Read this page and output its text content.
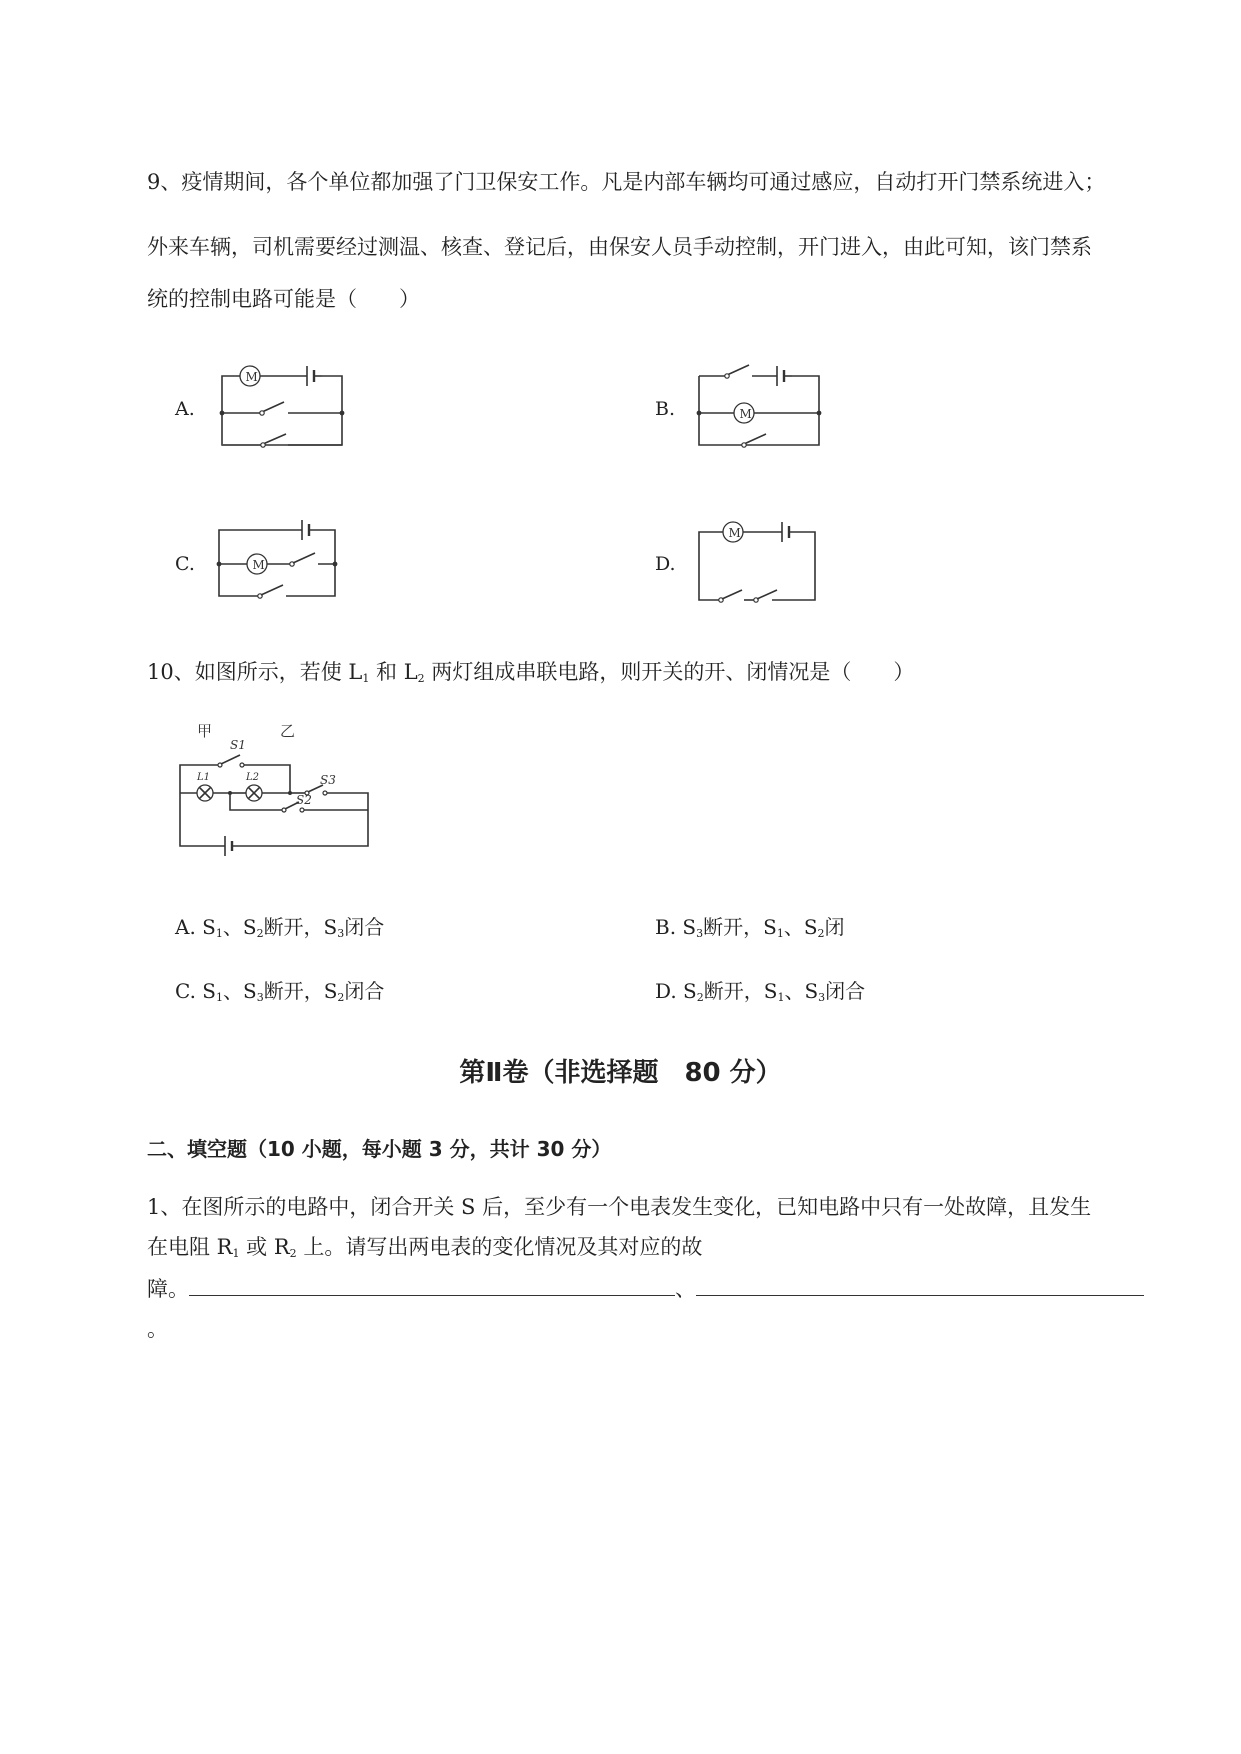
9、疫情期间，各个单位都加强了门卫保安工作。凡是内部车辆均可通过感应，自动打开门禁系统进入；
外来车辆，司机需要经过测温、核查、登记后，由保安人员手动控制，开门进入，由此可知，该门禁系
统的控制电路可能是（　　）
A.
M
B.	M
C.	M	D.
M
10、如图所示，若使 $L_1$ 和 $L_2$ 两灯组成串联电路，则开关的开、闭情况是（　　）
甲	乙
S1
L1	L2	S3
S2
A. $S_1$、$S_2$断开，$S_3$闭合	B. $S_3$断开，$S_1$、$S_2$闭
C. $S_1$、$S_3$断开，$S_2$闭合	D. $S_2$断开，$S_1$、$S_3$闭合
第Ⅱ卷（非选择题　80 分）
二、填空题（10 小题，每小题 3 分，共计 30 分）
1、在图所示的电路中，闭合开关 S 后，至少有一个电表发生变化，已知电路中只有一处故障，且发生
在电阻 $R_1$ 或 $R_2$ 上。请写出两电表的变化情况及其对应的故
障。	、
。
